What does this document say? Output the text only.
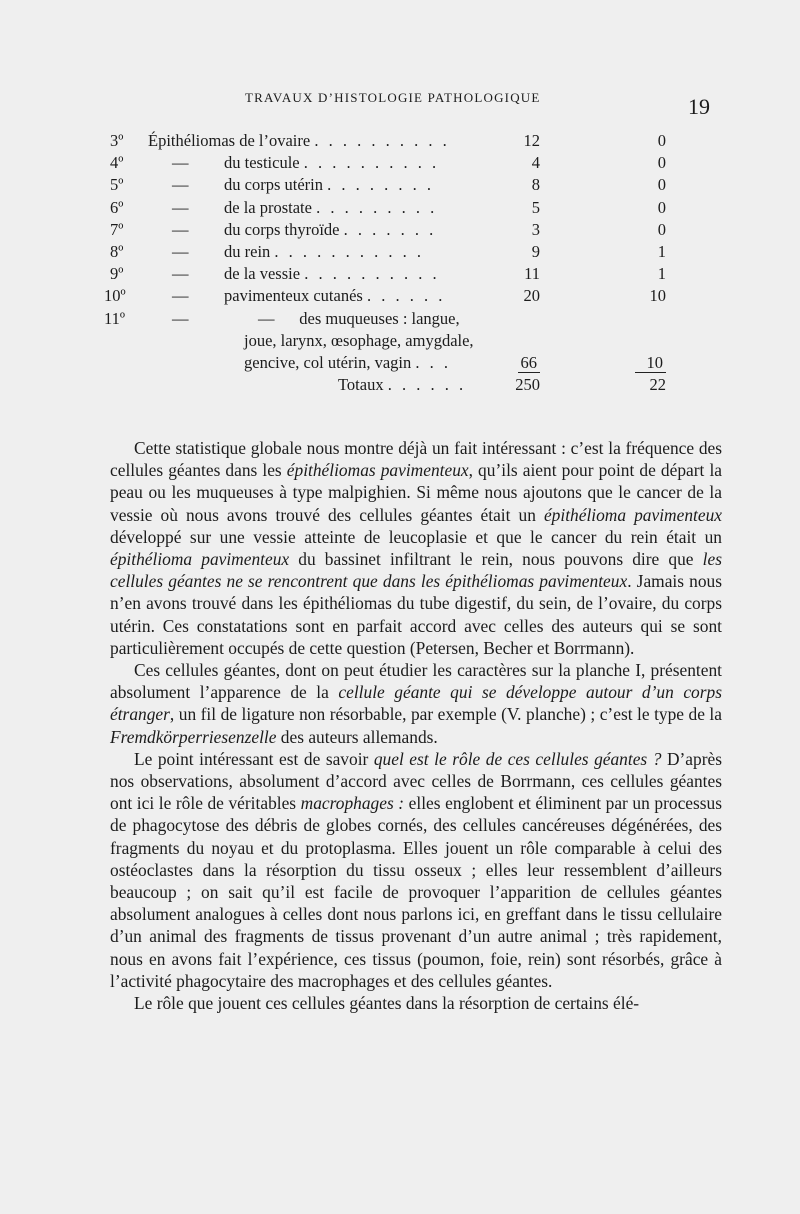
TRAVAUX D’HISTOLOGIE PATHOLOGIQUE	19
3º Épithéliomas de l’ovaire . . . . . . . . . .	12	0
4º	— du testicule . . . . . . . . . .	4	0
5º	— du corps utérin . . . . . . . .	8	0
6º	— de la prostate . . . . . . . . .	5	0
7º	— du corps thyroïde . . . . . . .	3	0
8º	— du rein . . . . . . . . . . .	9	1
9º	— de la vessie . . . . . . . . . .	11	1
10º	— pavimenteux cutanés . . . . . .	20	10
11º	—	—      des muqueuses : langue,
joue, larynx, œsophage, amygdale,
gencive, col utérin, vagin . . .	66	10
Totaux . . . . . .	250	22

Cette statistique globale nous montre déjà un fait intéressant : c’est la fréquence des cellules géantes dans les épithéliomas pavimenteux, qu’ils aient pour point de départ la peau ou les muqueuses à type malpighien. Si même nous ajoutons que le cancer de la vessie où nous avons trouvé des cellules géantes était un épithélioma pavimenteux développé sur une vessie atteinte de leucoplasie et que le cancer du rein était un épithélioma pavimenteux du bassinet infiltrant le rein, nous pouvons dire que les cellules géantes ne se rencontrent que dans les épithéliomas pavimenteux. Jamais nous n’en avons trouvé dans les épithéliomas du tube digestif, du sein, de l’ovaire, du corps utérin. Ces constatations sont en parfait accord avec celles des auteurs qui se sont particulièrement occupés de cette question (Petersen, Becher et Borrmann).

Ces cellules géantes, dont on peut étudier les caractères sur la planche I, présentent absolument l’apparence de la cellule géante qui se développe autour d’un corps étranger, un fil de ligature non résorbable, par exemple (V. planche) ; c’est le type de la Fremdkörperriesenzelle des auteurs allemands.

Le point intéressant est de savoir quel est le rôle de ces cellules géantes ? D’après nos observations, absolument d’accord avec celles de Borrmann, ces cellules géantes ont ici le rôle de véritables macrophages : elles englobent et éliminent par un processus de phagocytose des débris de globes cornés, des cellules cancéreuses dégénérées, des fragments du noyau et du protoplasma. Elles jouent un rôle comparable à celui des ostéoclastes dans la résorption du tissu osseux ; elles leur ressemblent d’ailleurs beaucoup ; on sait qu’il est facile de provoquer l’apparition de cellules géantes absolument analogues à celles dont nous parlons ici, en greffant dans le tissu cellulaire d’un animal des fragments de tissus provenant d’un autre animal ; très rapidement, nous en avons fait l’expérience, ces tissus (poumon, foie, rein) sont résorbés, grâce à l’activité phagocytaire des macrophages et des cellules géantes.

Le rôle que jouent ces cellules géantes dans la résorption de certains élé-
